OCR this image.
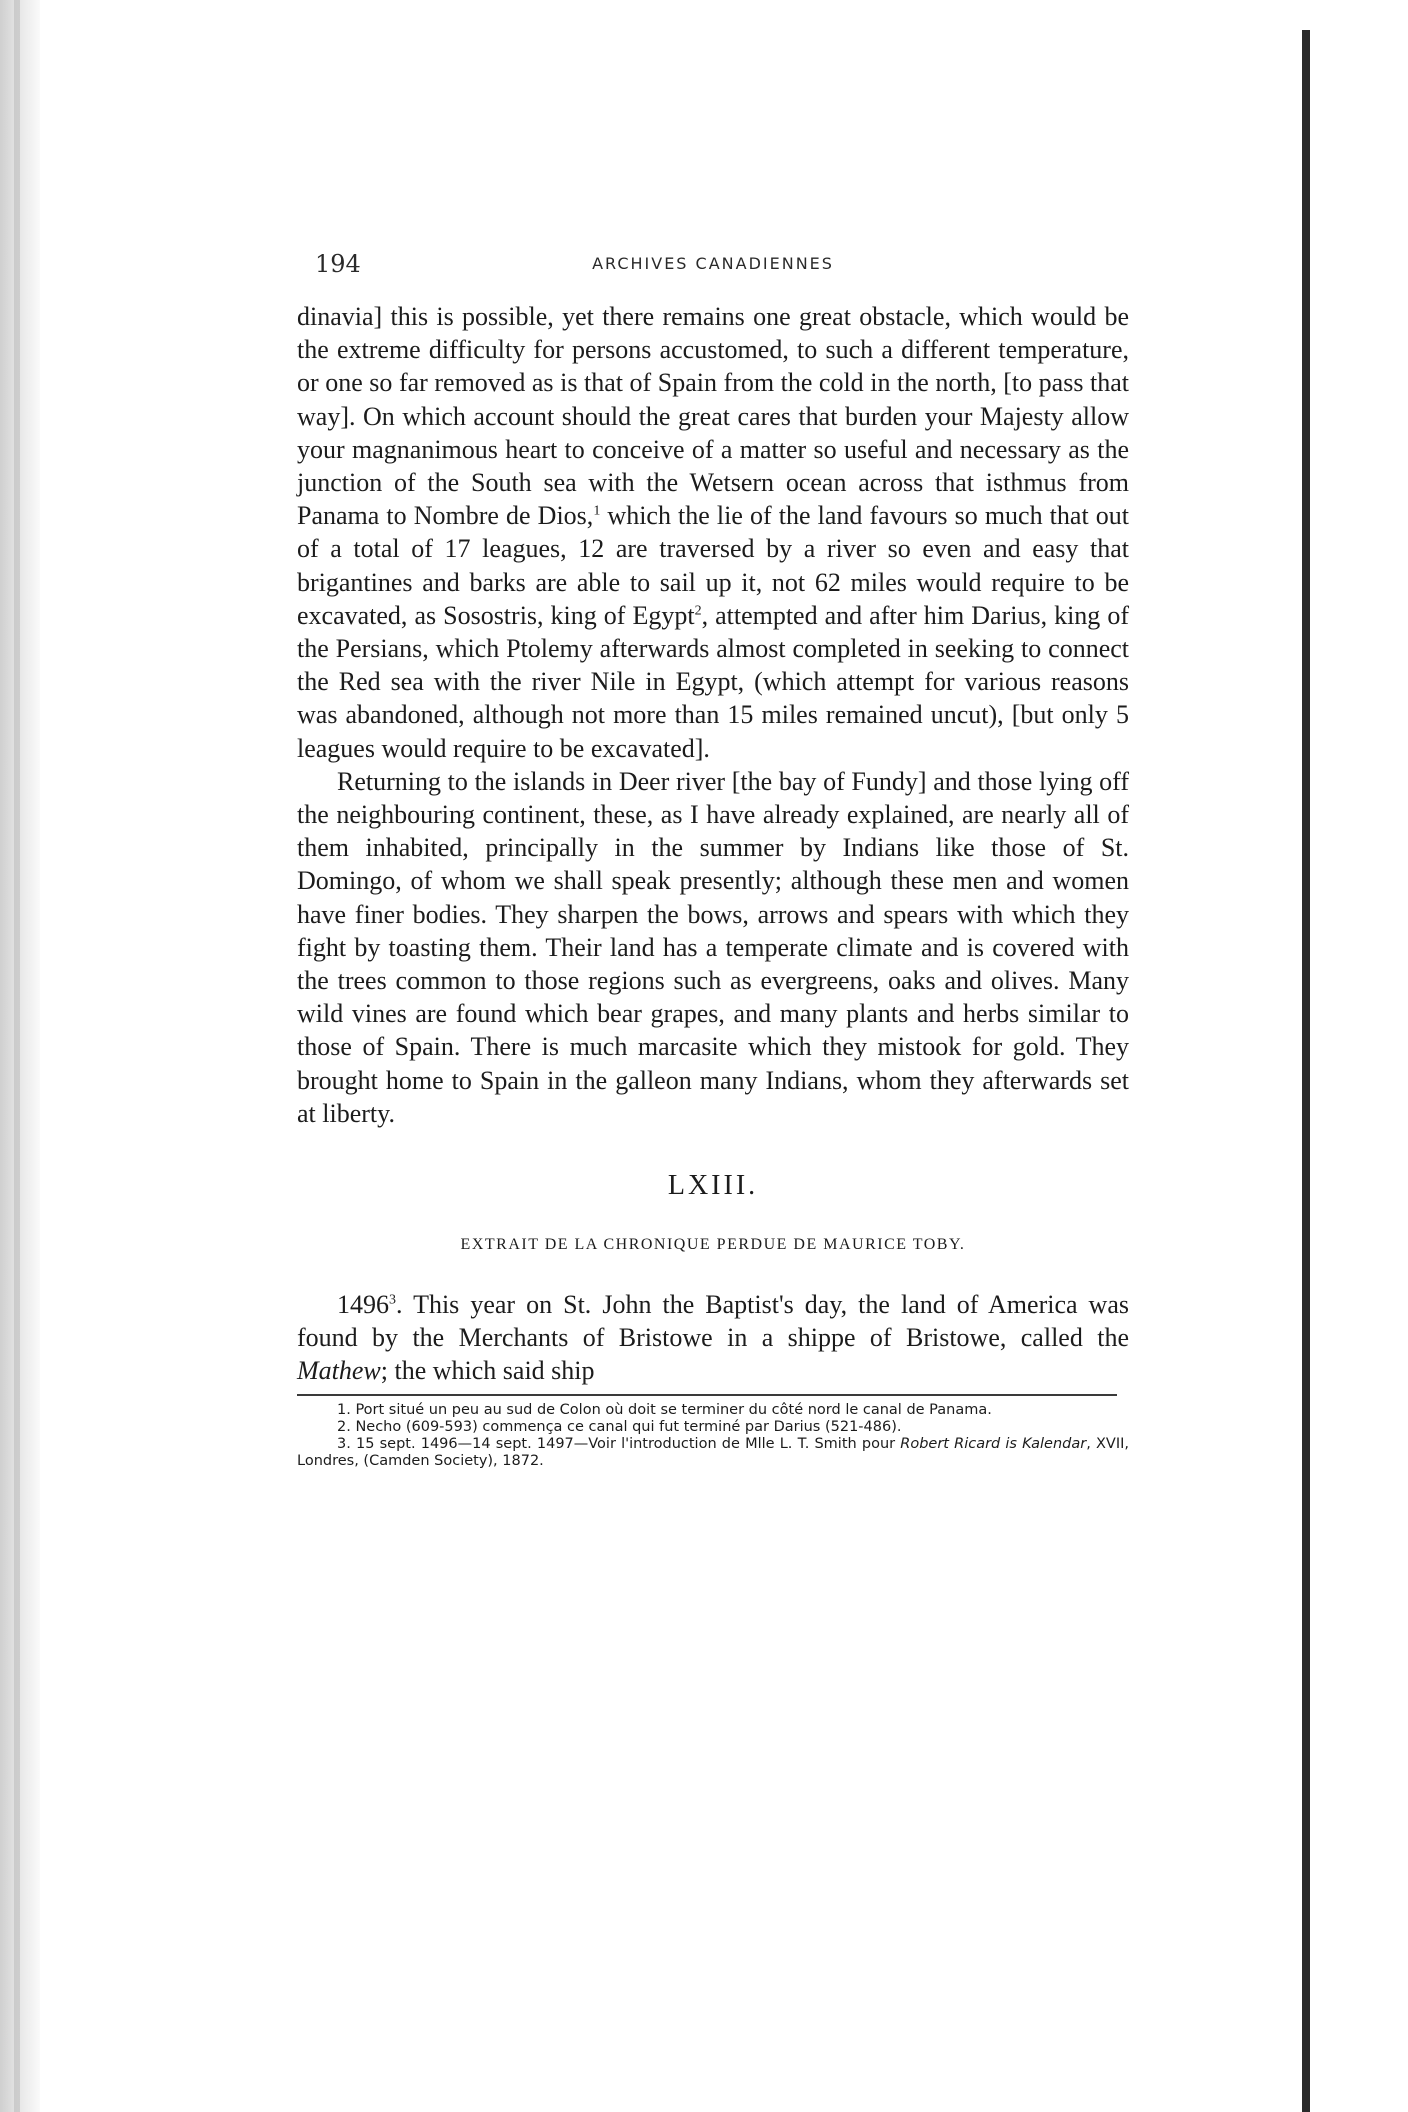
194	ARCHIVES CANADIENNES

dinavia] this is possible, yet there remains one great obstacle, which would be the extreme difficulty for persons accustomed, to such a different temperature, or one so far removed as is that of Spain from the cold in the north, [to pass that way]. On which account should the great cares that burden your Majesty allow your magnanimous heart to conceive of a matter so useful and necessary as the junction of the South sea with the Wetsern ocean across that isthmus from Panama to Nombre de Dios,$^1$ which the lie of the land favours so much that out of a total of 17 leagues, 12 are traversed by a river so even and easy that brigantines and barks are able to sail up it, not 62 miles would require to be excavated, as Sosostris, king of Egypt$^2$, attempted and after him Darius, king of the Persians, which Ptolemy afterwards almost completed in seeking to connect the Red sea with the river Nile in Egypt, (which attempt for various reasons was abandoned, although not more than 15 miles remained uncut), [but only 5 leagues would require to be excavated].

Returning to the islands in Deer river [the bay of Fundy] and those lying off the neighbouring continent, these, as I have already explained, are nearly all of them inhabited, principally in the summer by Indians like those of St. Domingo, of whom we shall speak presently; although these men and women have finer bodies. They sharpen the bows, arrows and spears with which they fight by toasting them. Their land has a temperate climate and is covered with the trees common to those regions such as evergreens, oaks and olives. Many wild vines are found which bear grapes, and many plants and herbs similar to those of Spain. There is much marcasite which they mistook for gold. They brought home to Spain in the galleon many Indians, whom they afterwards set at liberty.

LXIII.
EXTRAIT DE LA CHRONIQUE PERDUE DE MAURICE TOBY.

1496$^3$. This year on St. John the Baptist's day, the land of America was found by the Merchants of Bristowe in a shippe of Bristowe, called the Mathew; the which said ship

1. Port situé un peu au sud de Colon où doit se terminer du côté nord le canal de Panama.

2. Necho (609-593) commença ce canal qui fut terminé par Darius (521-486).

3. 15 sept. 1496—14 sept. 1497—Voir l'introduction de Mlle L. T. Smith pour Robert Ricard is Kalendar, XVII, Londres, (Camden Society), 1872.
